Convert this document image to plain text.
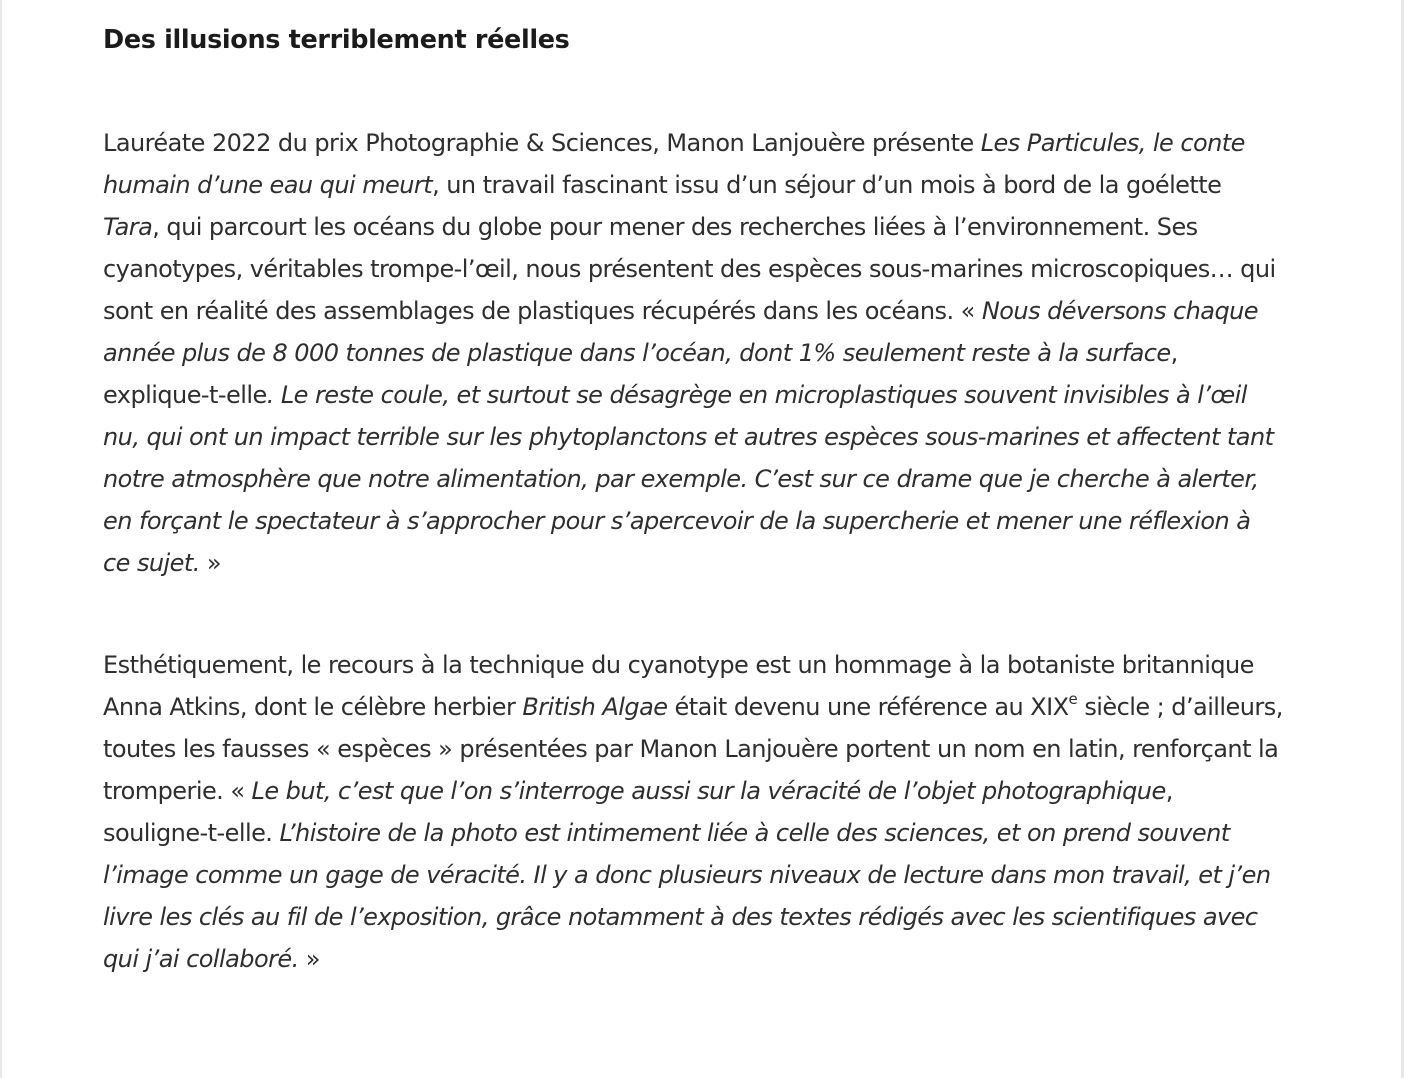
Des illusions terriblement réelles

Lauréate 2022 du prix Photographie & Sciences, Manon Lanjouère présente Les Particules, le conte humain d’une eau qui meurt, un travail fascinant issu d’un séjour d’un mois à bord de la goélette Tara, qui parcourt les océans du globe pour mener des recherches liées à l’environnement. Ses cyanotypes, véritables trompe-l’œil, nous présentent des espèces sous-marines microscopiques… qui sont en réalité des assemblages de plastiques récupérés dans les océans. « Nous déversons chaque année plus de 8 000 tonnes de plastique dans l’océan, dont 1% seulement reste à la surface, explique-t-elle. Le reste coule, et surtout se désagrège en microplastiques souvent invisibles à l’œil nu, qui ont un impact terrible sur les phytoplanctons et autres espèces sous-marines et affectent tant notre atmosphère que notre alimentation, par exemple. C’est sur ce drame que je cherche à alerter, en forçant le spectateur à s’approcher pour s’apercevoir de la supercherie et mener une réflexion à ce sujet. »

Esthétiquement, le recours à la technique du cyanotype est un hommage à la botaniste britannique Anna Atkins, dont le célèbre herbier British Algae était devenu une référence au XIXe siècle ; d’ailleurs, toutes les fausses « espèces » présentées par Manon Lanjouère portent un nom en latin, renforçant la tromperie. « Le but, c’est que l’on s’interroge aussi sur la véracité de l’objet photographique, souligne-t-elle. L’histoire de la photo est intimement liée à celle des sciences, et on prend souvent l’image comme un gage de véracité. Il y a donc plusieurs niveaux de lecture dans mon travail, et j’en livre les clés au fil de l’exposition, grâce notamment à des textes rédigés avec les scientifiques avec qui j’ai collaboré. »
